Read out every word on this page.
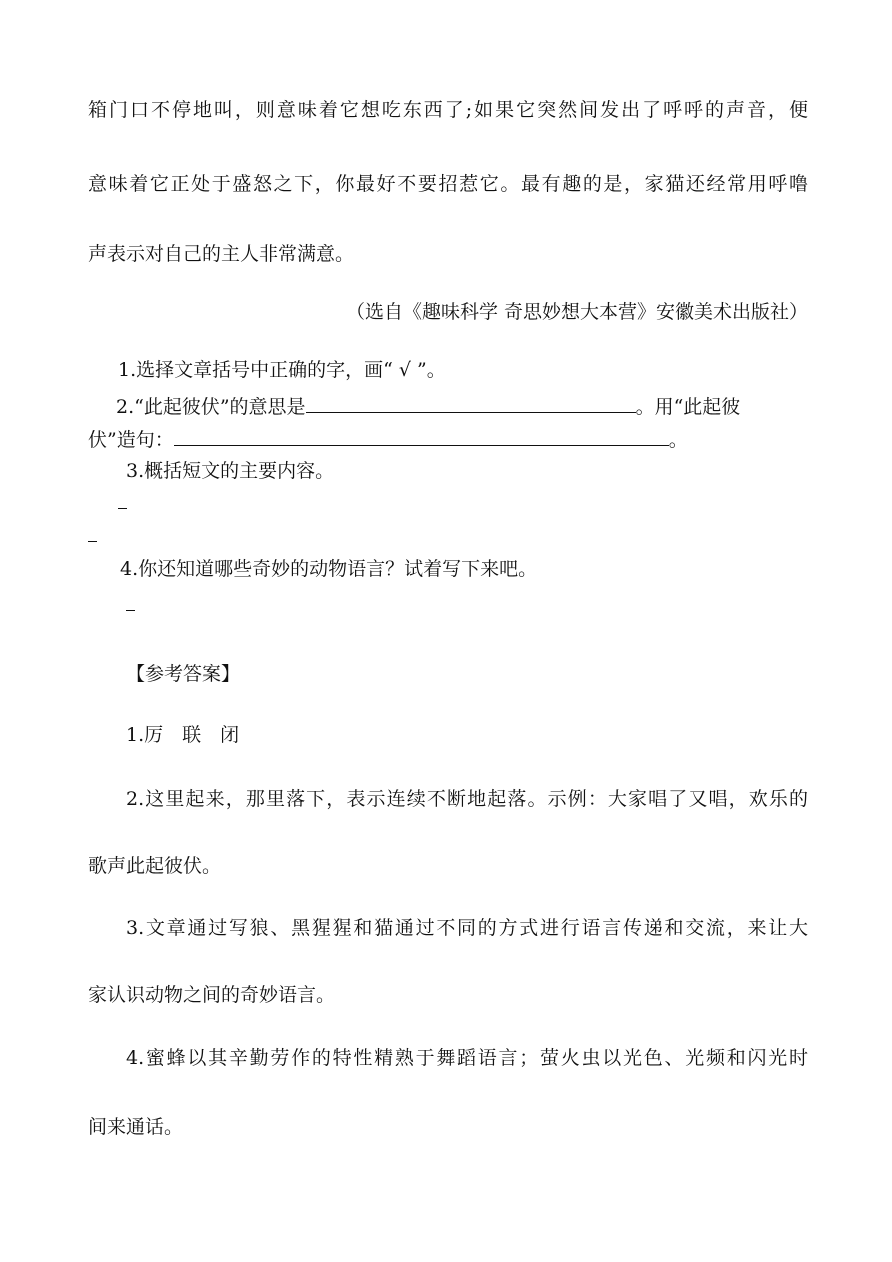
箱门口不停地叫，则意味着它想吃东西了;如果它突然间发出了呼呼的声音，便
意味着它正处于盛怒之下，你最好不要招惹它。最有趣的是，家猫还经常用呼噜
声表示对自己的主人非常满意。
（选自《趣味科学 奇思妙想大本营》安徽美术出版社）
1.选择文章括号中正确的字，画“ √ ”。
2.“此起彼伏”的意思是	。用“此起彼
伏”造句：	。
3.概括短文的主要内容。
4.你还知道哪些奇妙的动物语言？试着写下来吧。
【参考答案】
1.厉　联　闭
2.这里起来，那里落下，表示连续不断地起落。示例：大家唱了又唱，欢乐的
歌声此起彼伏。
3.文章通过写狼、黑猩猩和猫通过不同的方式进行语言传递和交流，来让大
家认识动物之间的奇妙语言。
4.蜜蜂以其辛勤劳作的特性精熟于舞蹈语言；萤火虫以光色、光频和闪光时
间来通话。
